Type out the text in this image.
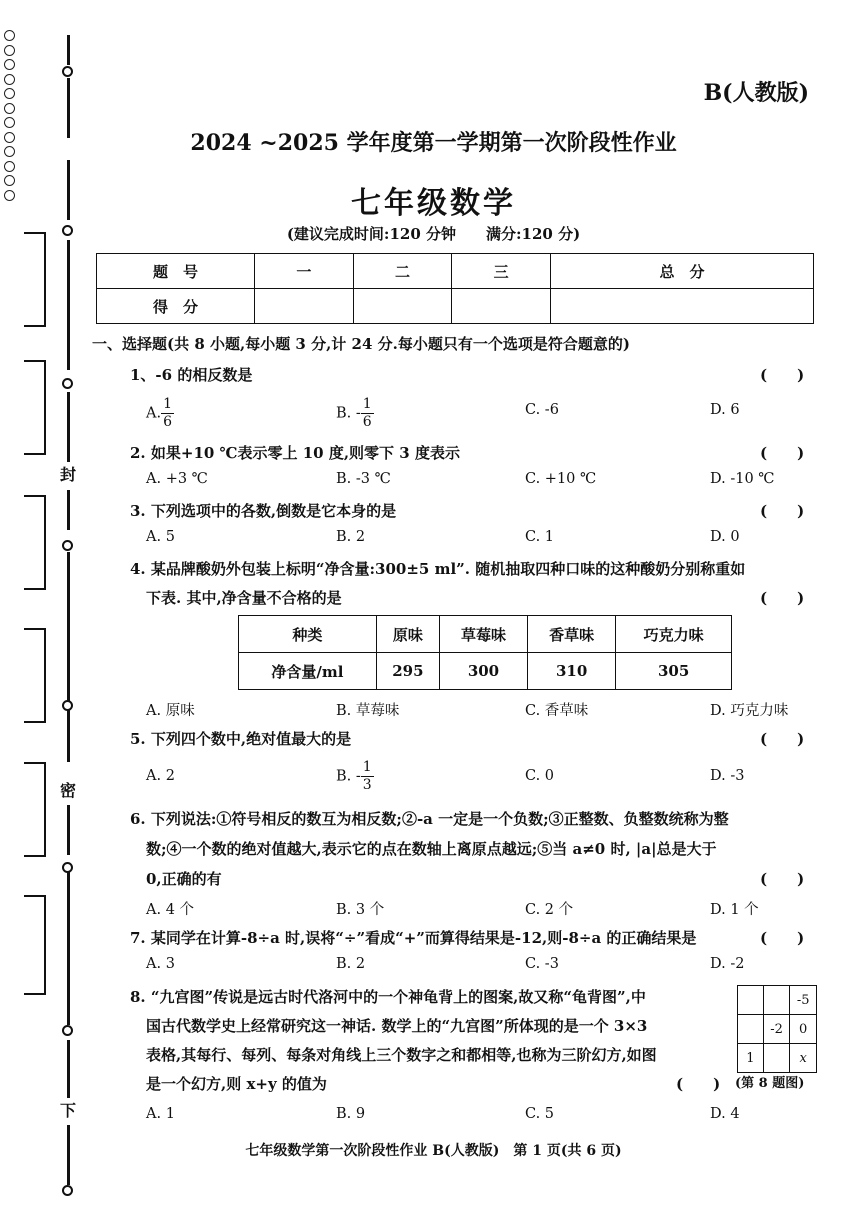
封
密
下
B(人教版)
2024 ~2025 学年度第一学期第一次阶段性作业
七年级数学
(建议完成时间:120 分钟　　满分:120 分)
题　号	一	二	三	总　分
得　分				
一、选择题(共 8 小题,每小题 3 分,计 24 分.每小题只有一个选项是符合题意的)
1、-6 的相反数是	(　　)
A. $\frac{1}{6}$	B. - $\frac{1}{6}$	C. -6	D. 6
2. 如果+10 ℃表示零上 10 度,则零下 3 度表示	(　　)
A. +3 ℃	B. -3 ℃	C. +10 ℃	D. -10 ℃
3. 下列选项中的各数,倒数是它本身的是	(　　)
A. 5	B. 2	C. 1	D. 0
4. 某品牌酸奶外包装上标明“净含量:300±5 ml”. 随机抽取四种口味的这种酸奶分别称重如
下表. 其中,净含量不合格的是	(　　)
种类	原味	草莓味	香草味	巧克力味
净含量/ml	295	300	310	305
A. 原味	B. 草莓味	C. 香草味	D. 巧克力味
5. 下列四个数中,绝对值最大的是	(　　)
A. 2	B. - $\frac{1}{3}$	C. 0	D. -3
6. 下列说法:①符号相反的数互为相反数;②-a 一定是一个负数;③正整数、负整数统称为整
数;④一个数的绝对值越大,表示它的点在数轴上离原点越远;⑤当 a≠0 时, |a|总是大于
0,正确的有	(　　)
A. 4 个	B. 3 个	C. 2 个	D. 1 个
7. 某同学在计算-8÷a 时,误将“÷”看成“+”而算得结果是-12,则-8÷a 的正确结果是	(　　)
A. 3	B. 2	C. -3	D. -2
8. “九宫图”传说是远古时代洛河中的一个神龟背上的图案,故又称“龟背图”,中
国古代数学史上经常研究这一神话. 数学上的“九宫图”所体现的是一个 3×3
表格,其每行、每列、每条对角线上三个数字之和都相等,也称为三阶幻方,如图
是一个幻方,则 x+y 的值为	(　　)
		-5
	-2	0
1		x
(第 8 题图)
A. 1	B. 9	C. 5	D. 4
七年级数学第一次阶段性作业 B(人教版)　第 1 页(共 6 页)
